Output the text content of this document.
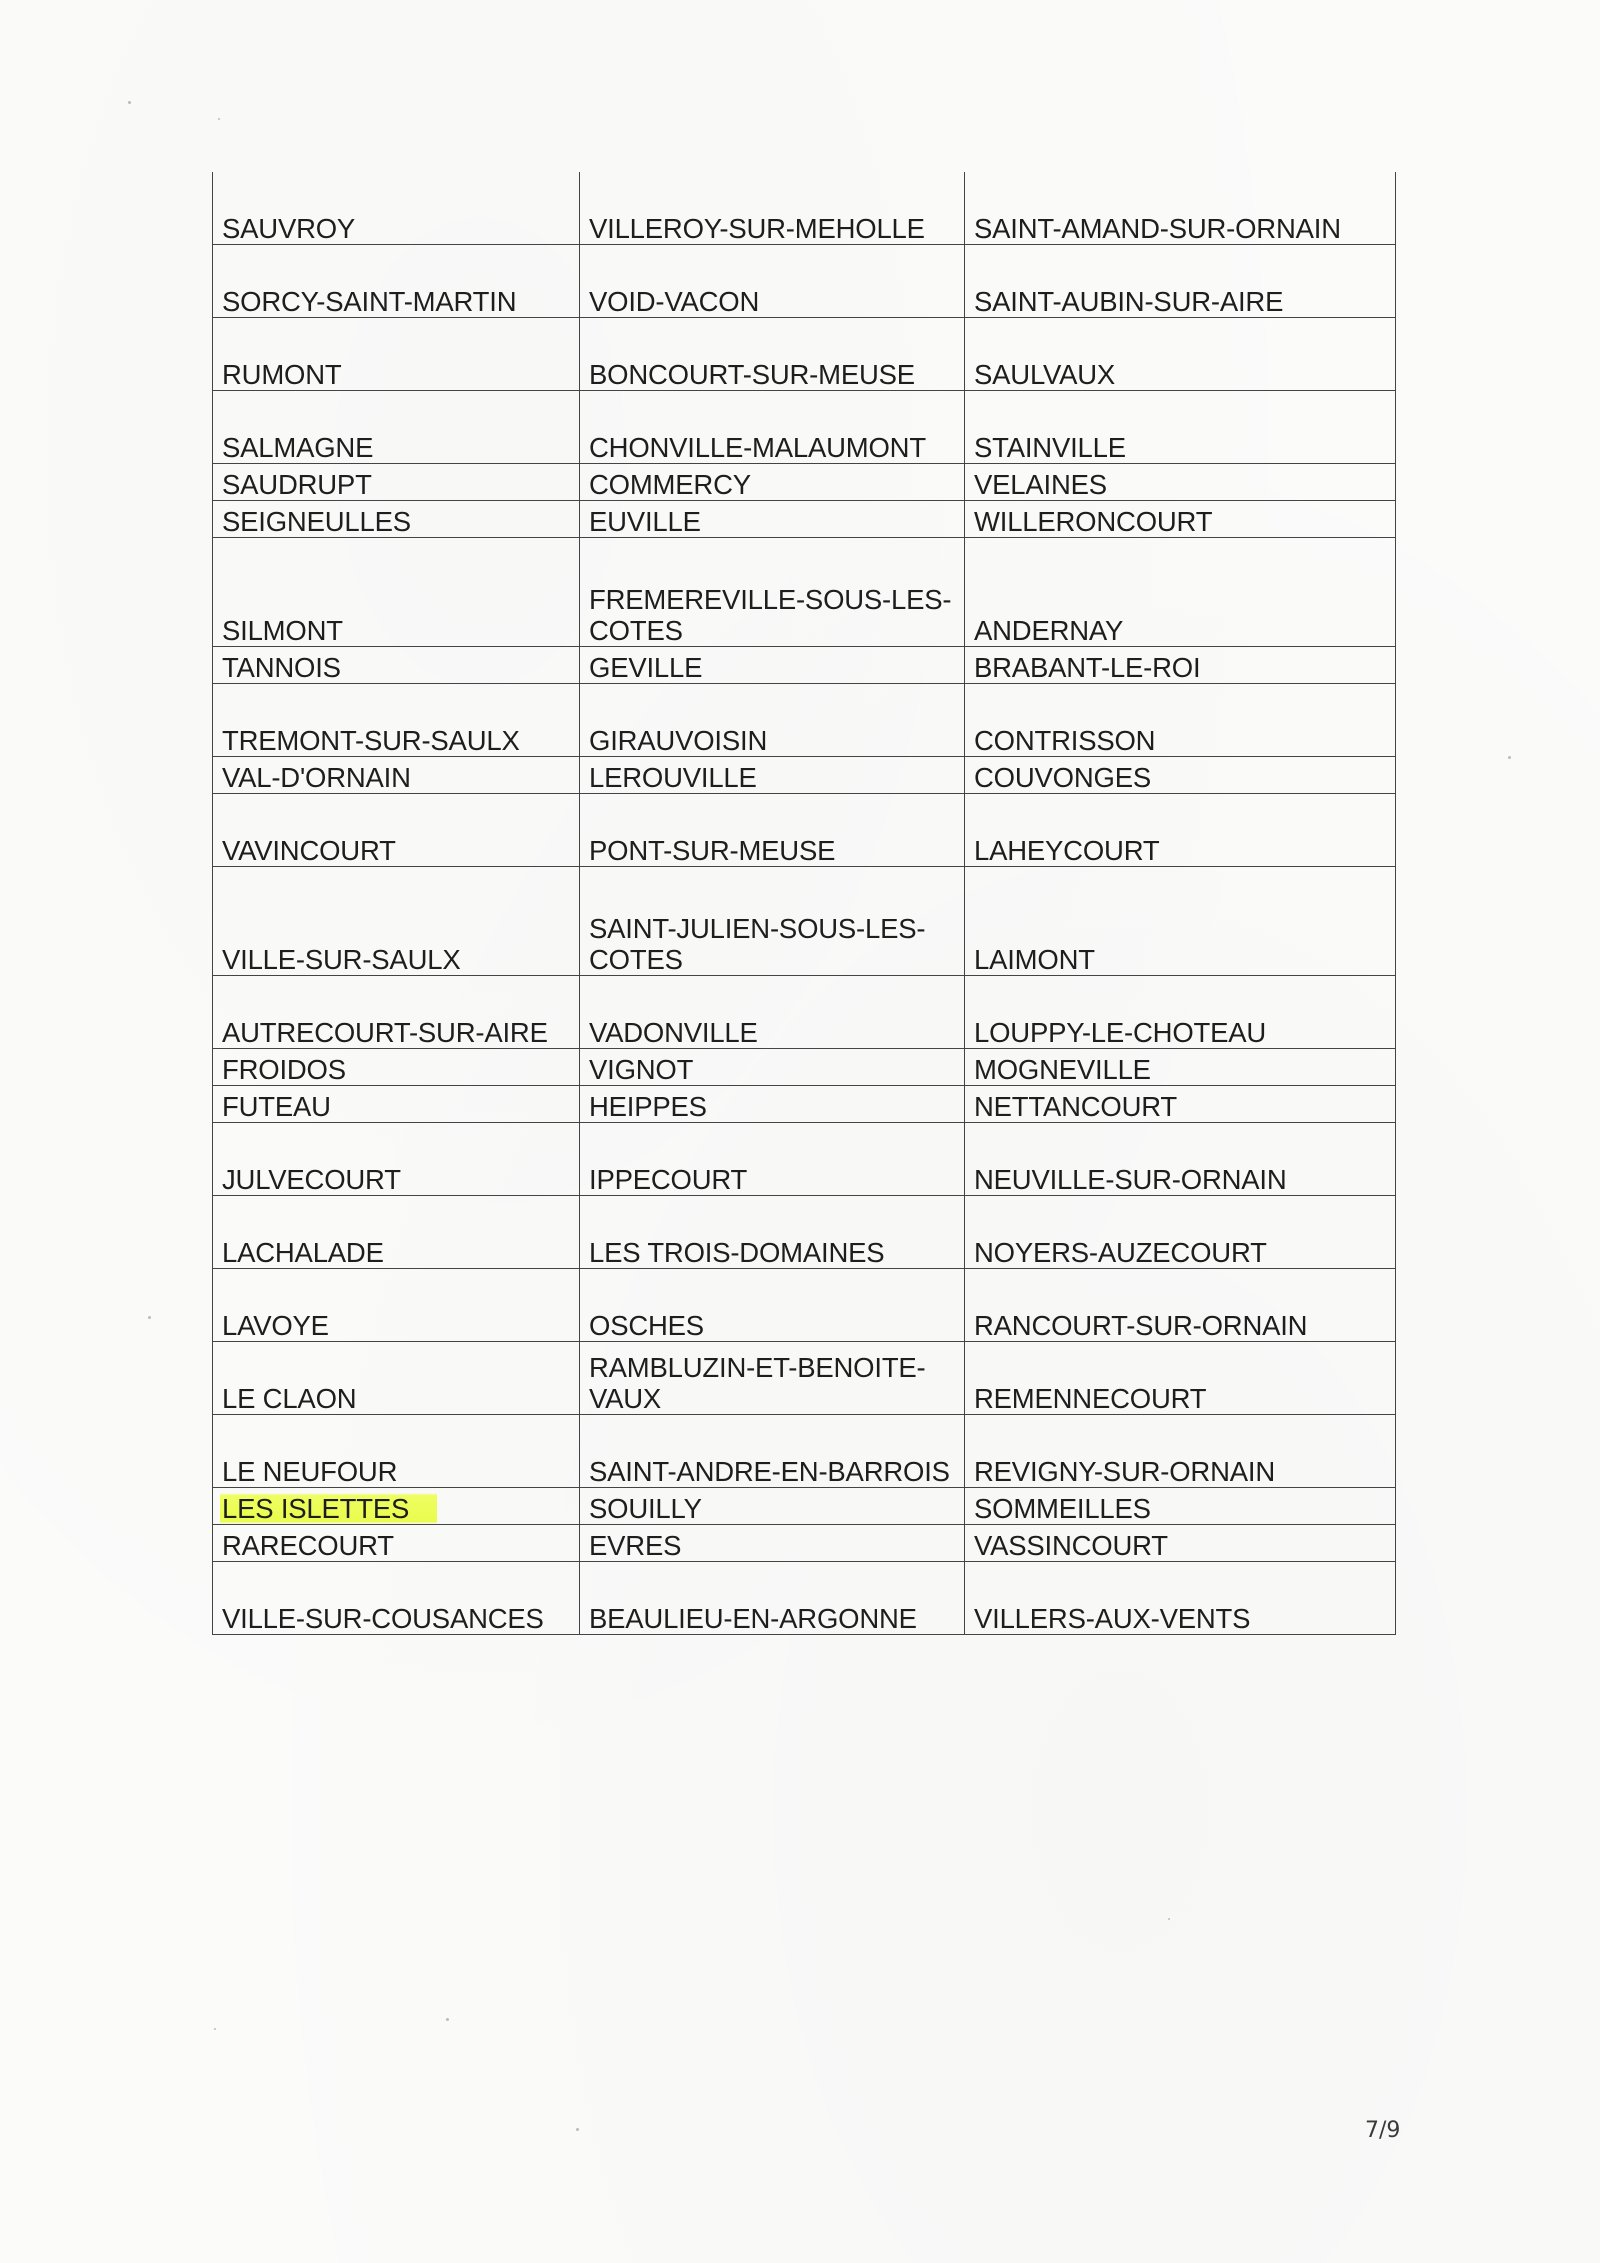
SAUVROY	VILLEROY-SUR-MEHOLLE	SAINT-AMAND-SUR-ORNAIN
SORCY-SAINT-MARTIN	VOID-VACON	SAINT-AUBIN-SUR-AIRE
RUMONT	BONCOURT-SUR-MEUSE	SAULVAUX
SALMAGNE	CHONVILLE-MALAUMONT	STAINVILLE
SAUDRUPT	COMMERCY	VELAINES
SEIGNEULLES	EUVILLE	WILLERONCOURT
SILMONT	FREMEREVILLE-SOUS-LES-COTES	ANDERNAY
TANNOIS	GEVILLE	BRABANT-LE-ROI
TREMONT-SUR-SAULX	GIRAUVOISIN	CONTRISSON
VAL-D'ORNAIN	LEROUVILLE	COUVONGES
VAVINCOURT	PONT-SUR-MEUSE	LAHEYCOURT
VILLE-SUR-SAULX	SAINT-JULIEN-SOUS-LES-COTES	LAIMONT
AUTRECOURT-SUR-AIRE	VADONVILLE	LOUPPY-LE-CHOTEAU
FROIDOS	VIGNOT	MOGNEVILLE
FUTEAU	HEIPPES	NETTANCOURT
JULVECOURT	IPPECOURT	NEUVILLE-SUR-ORNAIN
LACHALADE	LES TROIS-DOMAINES	NOYERS-AUZECOURT
LAVOYE	OSCHES	RANCOURT-SUR-ORNAIN
LE CLAON	RAMBLUZIN-ET-BENOITE-VAUX	REMENNECOURT
LE NEUFOUR	SAINT-ANDRE-EN-BARROIS	REVIGNY-SUR-ORNAIN
LES ISLETTES	SOUILLY	SOMMEILLES
RARECOURT	EVRES	VASSINCOURT
VILLE-SUR-COUSANCES	BEAULIEU-EN-ARGONNE	VILLERS-AUX-VENTS
7/9
